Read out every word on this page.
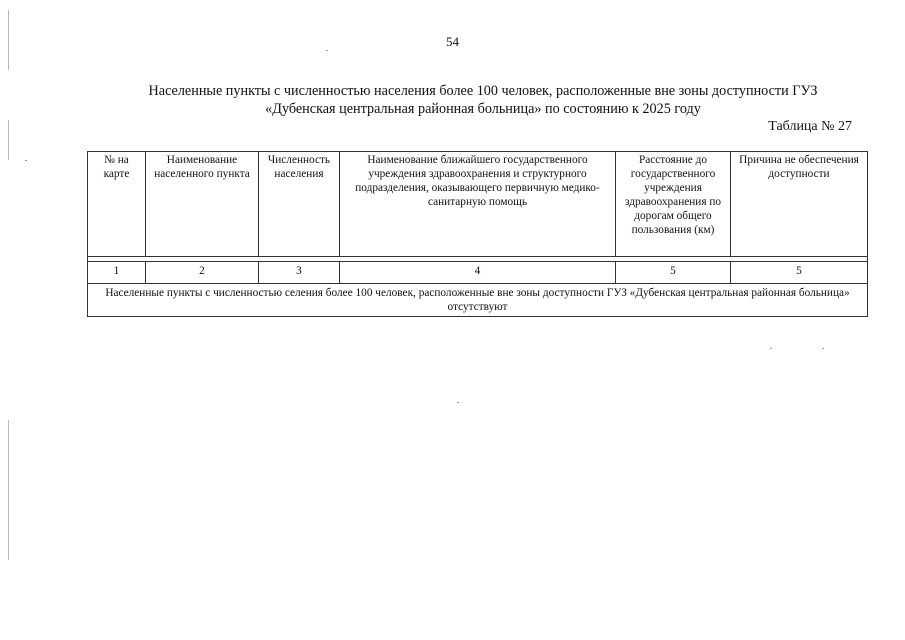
54
Населенные пункты с численностью населения более 100 человек, расположенные вне зоны доступности ГУЗ
«Дубенская центральная районная больница» по состоянию к 2025 году
Таблица № 27
№ на карте	Наименование населенного пункта	Численность населения	Наименование ближайшего государственного учреждения здравоохранения и структурного подразделения, оказывающего первичную медико-санитарную помощь	Расстояние до государственного учреждения здравоохранения по дорогам общего пользования (км)	Причина не обеспечения доступности

1	2	3	4	5	5
Населенные пункты с численностью селения более 100 человек, расположенные вне зоны доступности ГУЗ «Дубенская центральная районная больница» отсутствуют					
